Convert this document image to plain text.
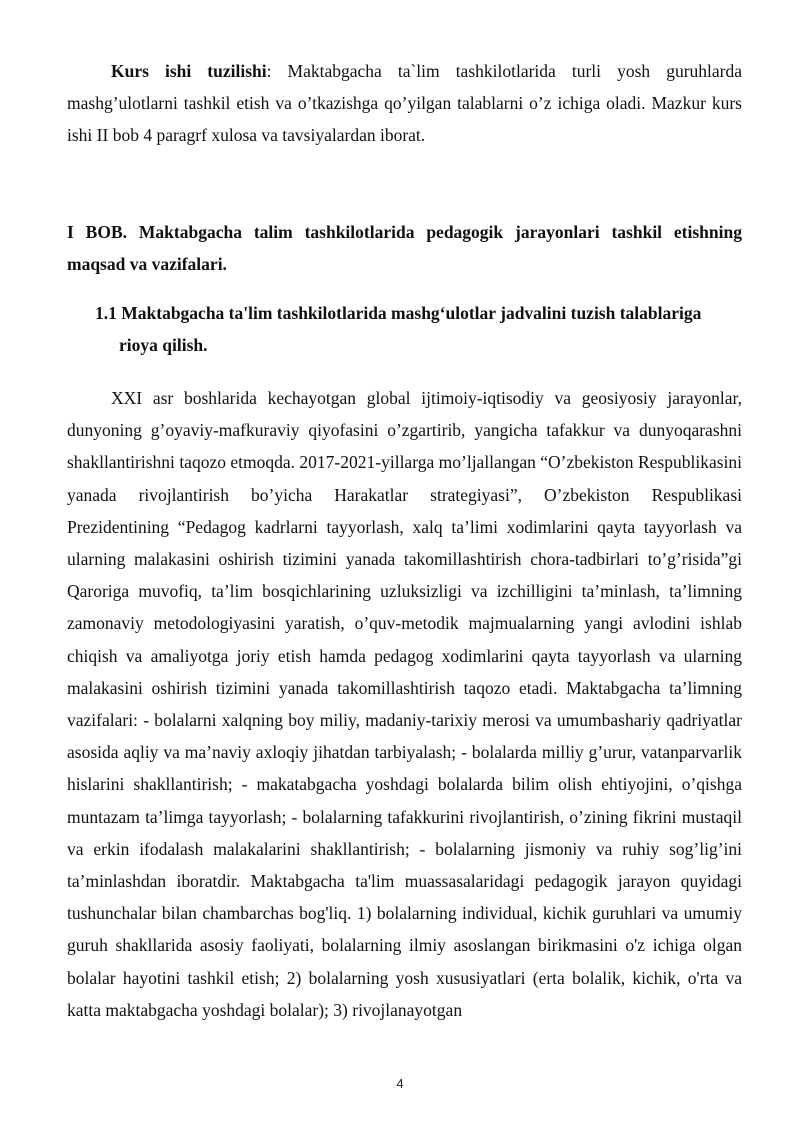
Kurs ishi tuzilishi: Maktabgacha ta`lim tashkilotlarida turli yosh guruhlarda mashg’ulotlarni tashkil etish va o’tkazishga qo’yilgan talablarni o’z ichiga oladi. Mazkur kurs ishi II bob 4 paragrf xulosa va tavsiyalardan iborat.

I BOB. Maktabgacha talim tashkilotlarida pedagogik jarayonlari tashkil etishning maqsad va vazifalari.

1.1 Maktabgacha ta'lim tashkilotlarida mashg‘ulotlar jadvalini tuzish talablariga
rioya qilish.

XXI asr boshlarida kechayotgan global ijtimoiy-iqtisodiy va geosiyosiy jarayonlar, dunyoning g’oyaviy-mafkuraviy qiyofasini o’zgartirib, yangicha tafakkur va dunyoqarashni shakllantirishni taqozo etmoqda. 2017-2021-yillarga mo’ljallangan “O’zbekiston Respublikasini yanada rivojlantirish bo’yicha Harakatlar strategiyasi”, O’zbekiston Respublikasi Prezidentining “Pedagog kadrlarni tayyorlash, xalq ta’limi xodimlarini qayta tayyorlash va ularning malakasini oshirish tizimini yanada takomillashtirish chora-tadbirlari to’g’risida”gi Qaroriga muvofiq, ta’lim bosqichlarining uzluksizligi va izchilligini ta’minlash, ta’limning zamonaviy metodologiyasini yaratish, o’quv-metodik majmualarning yangi avlodini ishlab chiqish va amaliyotga joriy etish hamda pedagog xodimlarini qayta tayyorlash va ularning malakasini oshirish tizimini yanada takomillashtirish taqozo etadi. Maktabgacha ta’limning vazifalari: - bolalarni xalqning boy miliy, madaniy-tarixiy merosi va umumbashariy qadriyatlar asosida aqliy va ma’naviy axloqiy jihatdan tarbiyalash; - bolalarda milliy g’urur, vatanparvarlik hislarini shakllantirish; - makatabgacha yoshdagi bolalarda bilim olish ehtiyojini, o’qishga muntazam ta’limga tayyorlash; - bolalarning tafakkurini rivojlantirish, o’zining fikrini mustaqil va erkin ifodalash malakalarini shakllantirish; - bolalarning jismoniy va ruhiy sog’lig’ini ta’minlashdan iboratdir. Maktabgacha ta'lim muassasalaridagi pedagogik jarayon quyidagi tushunchalar bilan chambarchas bog'liq. 1) bolalarning individual, kichik guruhlari va umumiy guruh shakllarida asosiy faoliyati, bolalarning ilmiy asoslangan birikmasini o'z ichiga olgan bolalar hayotini tashkil etish; 2) bolalarning yosh xususiyatlari (erta bolalik, kichik, o'rta va katta maktabgacha yoshdagi bolalar); 3) rivojlanayotgan

4
